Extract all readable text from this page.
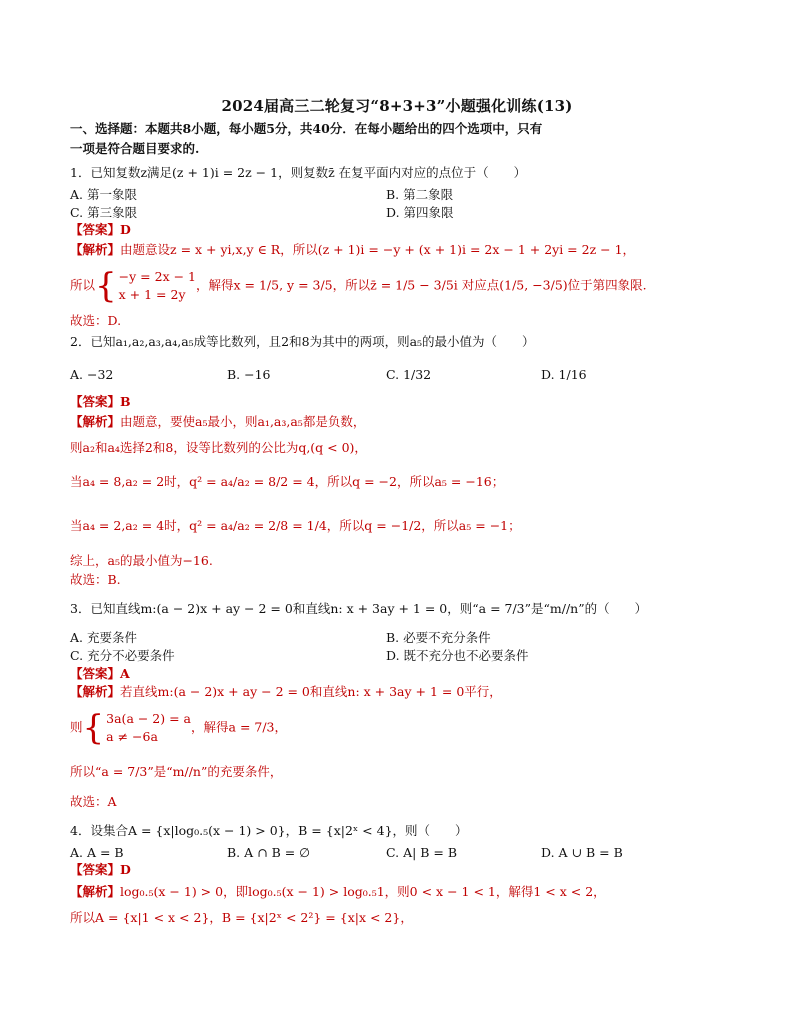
2024届高三二轮复习“8+3+3”小题强化训练(13)
一、选择题：本题共8小题，每小题5分，共40分．在每小题给出的四个选项中，只有
一项是符合题目要求的.
1．已知复数z满足(z + 1)i = 2z − 1，则复数z̄ 在复平面内对应的点位于（　　）
A. 第一象限	B. 第二象限
C. 第三象限	D. 第四象限
【答案】D
【解析】由题意设z = x + yi,x,y ∈ R，所以(z + 1)i = −y + (x + 1)i = 2x − 1 + 2yi = 2z − 1，
所以{ −y = 2x − 1
x + 1 = 2y
，解得x = 1/5, y = 3/5，所以z̄ = 1/5 − 3/5i 对应点(1/5, −3/5)位于第四象限.
故选：D.
2．已知a₁,a₂,a₃,a₄,a₅成等比数列，且2和8为其中的两项，则a₅的最小值为（　　）
A. −32	B. −16	C. 1/32	D. 1/16
【答案】B
【解析】由题意，要使a₅最小，则a₁,a₃,a₅都是负数，
则a₂和a₄选择2和8，设等比数列的公比为q,(q < 0)，
当a₄ = 8,a₂ = 2时，q² = a₄/a₂ = 8/2 = 4，所以q = −2，所以a₅ = −16；
当a₄ = 2,a₂ = 4时，q² = a₄/a₂ = 2/8 = 1/4，所以q = −1/2，所以a₅ = −1；
综上，a₅的最小值为−16.
故选：B.
3．已知直线m:(a − 2)x + ay − 2 = 0和直线n: x + 3ay + 1 = 0，则“a = 7/3”是“m//n”的（　　）
A. 充要条件	B. 必要不充分条件
C. 充分不必要条件	D. 既不充分也不必要条件
【答案】A
【解析】若直线m:(a − 2)x + ay − 2 = 0和直线n: x + 3ay + 1 = 0平行，
则{ 3a(a − 2) = a
a ≠ −6a
，解得a = 7/3，
所以“a = 7/3”是“m//n”的充要条件，
故选：A
4．设集合A = {x|log₀.₅(x − 1) > 0}，B = {x|2ˣ < 4}，则（　　）
A. A = B	B. A ∩ B = ∅	C. A| B = B	D. A ∪ B = B
【答案】D
【解析】log₀.₅(x − 1) > 0，即log₀.₅(x − 1) > log₀.₅1，则0 < x − 1 < 1，解得1 < x < 2，
所以A = {x|1 < x < 2}，B = {x|2ˣ < 2²} = {x|x < 2}，
